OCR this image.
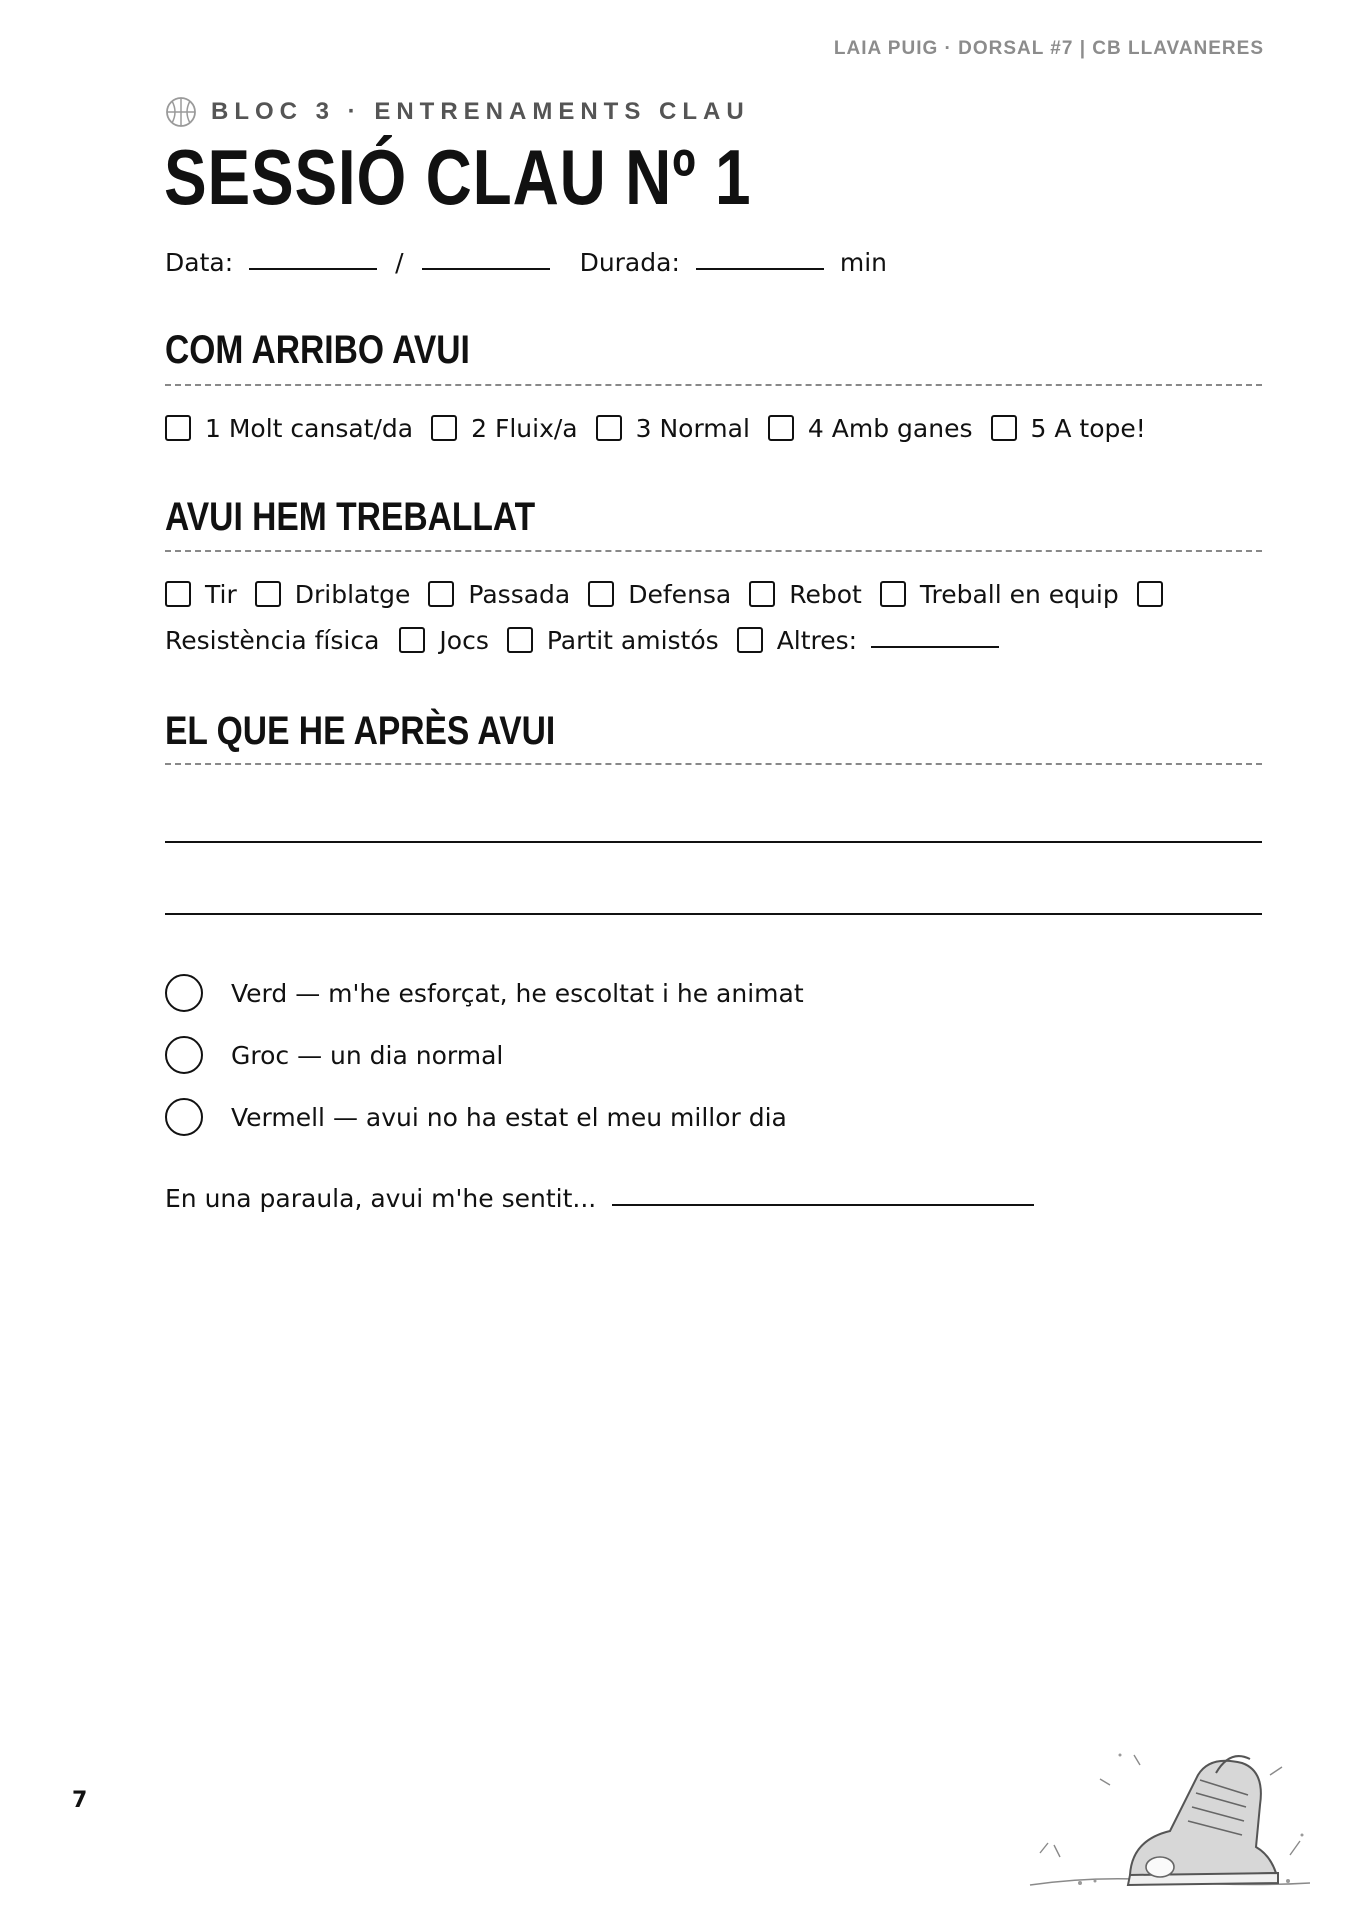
LAIA PUIG · DORSAL #7 | CB LLAVANERES
BLOC 3 · ENTRENAMENTS CLAU
SESSIÓ CLAU Nº 1
Data:	/	Durada:	min
COM ARRIBO AVUI
1 Molt cansat/da 2 Fluix/a 3 Normal 4 Amb ganes 5 A tope!
AVUI HEM TREBALLAT
Tir Driblatge Passada Defensa Rebot Treball en equip
Resistència física Jocs Partit amistós Altres:
EL QUE HE APRÈS AVUI
Verd — m'he esforçat, he escoltat i he animat
Groc — un dia normal
Vermell — avui no ha estat el meu millor dia
En una paraula, avui m'he sentit...
7
